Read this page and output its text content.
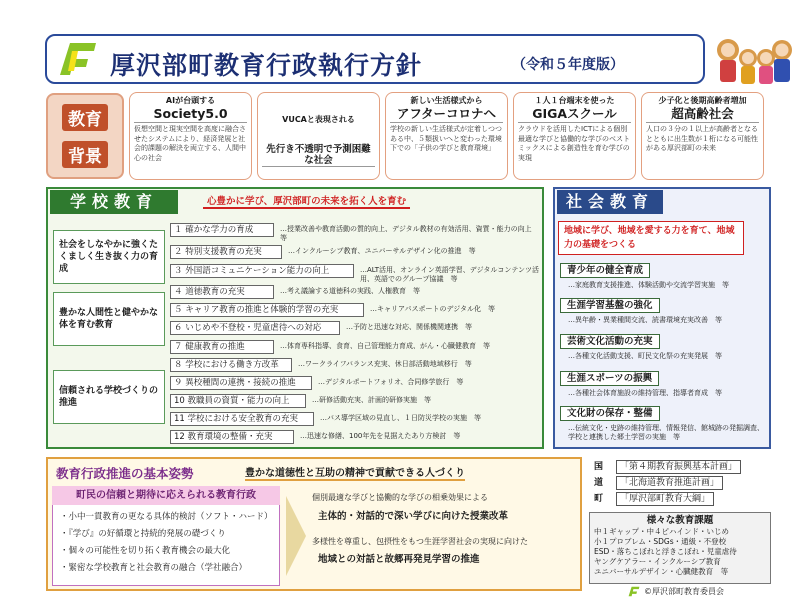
厚沢部町教育行政執行方針	（令和５年度版）
教育
背景
AIが台頭する
Society5.0
仮想空間と現実空間を高度に融合させたシステムにより、経済発展と社会的課題の解決を両立する、人間中心の社会

VUCAと表現される

先行き不透明で予測困難な社会

新しい生活様式から
アフターコロナへ
学校の新しい生活様式が定着しつつある中、５類扱いへと変わった環境下での「子供の学びと教育環境」
１人１台端末を使った
GIGAスクール
クラウドを活用したICTによる個別最適な学びと協働的な学びのベストミックスによる創造性を育む学びの実現
少子化と後期高齢者増加
超高齢社会
人口の３分の１以上が高齢者となるとともに出生数が１桁になる可能性がある厚沢部町の未来
学校教育	心豊かに学び、厚沢部町の未来を拓く人を育む
社会をしなやかに強くたくましく生き抜く力の育成
豊かな人間性と健やかな体を育む教育
信頼される学校づくりの推進
１ 確かな学力の育成	…授業改善や教育活動の質的向上、デジタル教材の有効活用、資質・能力の向上　等
２ 特別支援教育の充実	…インクルーシブ教育、ユニバーサルデザイン化の推進　等
３ 外国語コミュニケーション能力の向上	…ALT活用、オンライン英語学習、デジタルコンテンツ活用、英語でのグループ協議　等
４ 道徳教育の充実	…考え議論する道徳科の実践、人権教育　等
５ キャリア教育の推進と体験的学習の充実	…キャリアパスポートのデジタル化　等
６ いじめや不登校・児童虐待への対応	…予防と迅速な対応、関係機関連携　等
７ 健康教育の推進	…体育専科指導、食育、自己管理能力育成、がん・心臓健教育　等
８ 学校における働き方改革	…ワークライフバランス充実、休日部活動地域移行　等
９ 異校種間の連携・接続の推進	…デジタルポートフォリオ、合同修学旅行　等
10 教職員の資質・能力の向上	…研修活動充実、計画的研修実施　等
11 学校における安全教育の充実	…バス導学区域の見直し、１日防災学校の実施　等
12 教育環境の整備・充実	…迅速な修繕、100年先を見据えたあり方検討　等
社会教育
地域に学び、地域を愛する力を育て、地域力の基礎をつくる
青少年の健全育成
…家庭教育支援推進、体験活動や交流学習実施　等
生涯学習基盤の強化
…異年齢・異業種間交流、読書環境充実改善　等
芸術文化活動の充実
…各種文化活動支援、町民文化祭の充実発展　等
生涯スポーツの振興
…各種社会体育施設の維持管理、指導者育成　等
文化財の保存・整備
…伝統文化・史跡の維持管理、情報発信、館城跡の発掘調査、学校と連携した郷土学習の実施　等
教育行政推進の基本姿勢	豊かな道徳性と互助の精神で貢献できる人づくり
町民の信頼と期待に応えられる教育行政
・小中一貫教育の更なる具体的検討（ソフト・ハード）
・『学び』の好循環と持続的発展の礎づくり
・個々の可能性を切り拓く教育機会の最大化
・緊密な学校教育と社会教育の融合（学社融合）
個別最適な学びと協働的な学びの相乗効果による
主体的・対話的で深い学びに向けた授業改革
多様性を尊重し、包摂性をもつ生涯学習社会の実現に向けた
地域との対話と故郷再発見学習の推進
国	「第４期教育振興基本計画」
道	「北海道教育推進計画」
町	「厚沢部町教育大綱」
様々な教育課題
中１ギャップ・中４ピハインド・いじめ
小１プロブレム・SDGs・通級・不登校
ESD・落ちこぼれと浮きこぼれ・児童虐待
ヤングケアラー・インクルーシブ教育
ユニバーサルデザイン・心臓健教育　等
©厚沢部町教育委員会
